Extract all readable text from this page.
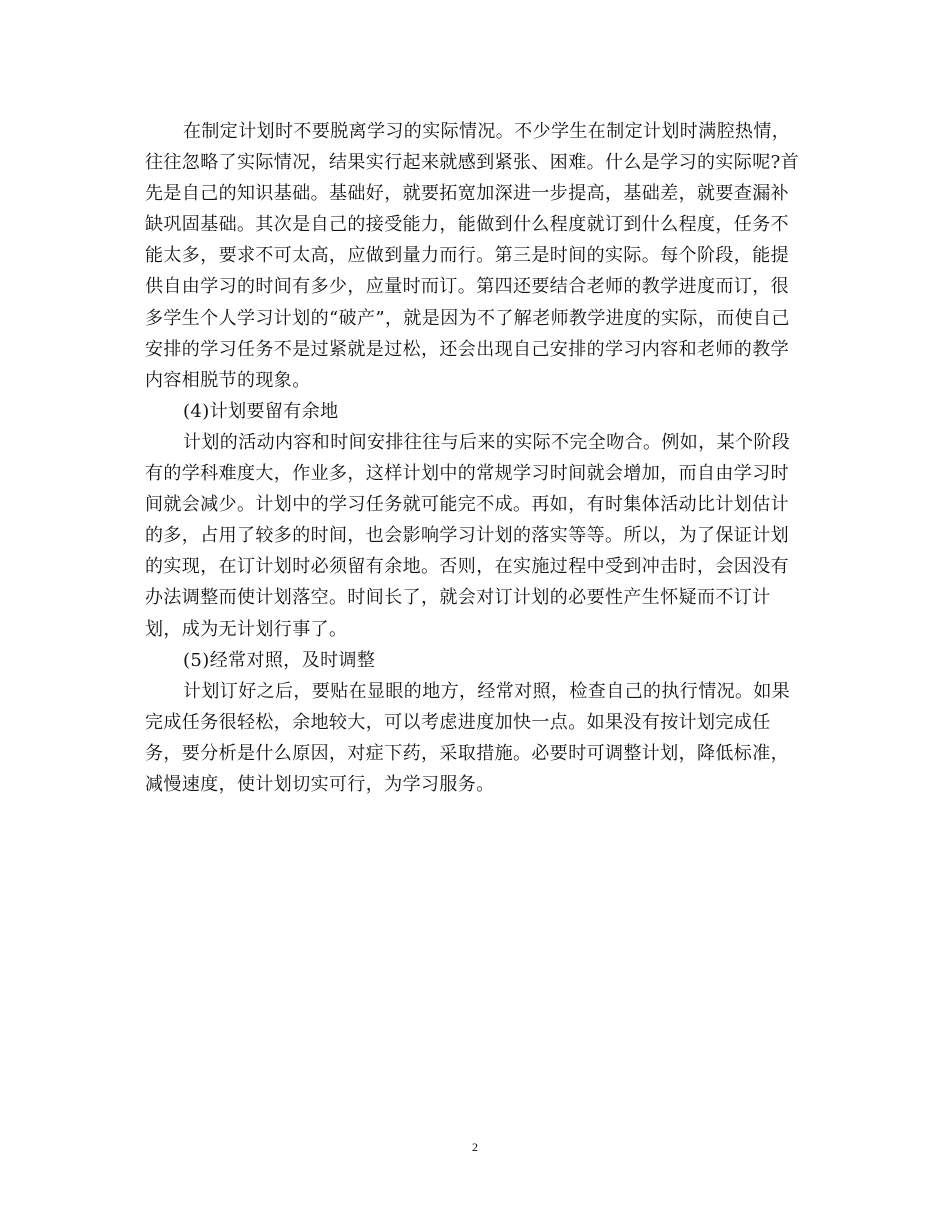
在制定计划时不要脱离学习的实际情况。不少学生在制定计划时满腔热情，
往往忽略了实际情况，结果实行起来就感到紧张、困难。什么是学习的实际呢?首
先是自己的知识基础。基础好，就要拓宽加深进一步提高，基础差，就要查漏补
缺巩固基础。其次是自己的接受能力，能做到什么程度就订到什么程度，任务不
能太多，要求不可太高，应做到量力而行。第三是时间的实际。每个阶段，能提
供自由学习的时间有多少，应量时而订。第四还要结合老师的教学进度而订，很
多学生个人学习计划的“破产”，就是因为不了解老师教学进度的实际，而使自己
安排的学习任务不是过紧就是过松，还会出现自己安排的学习内容和老师的教学
内容相脱节的现象。
(4)计划要留有余地
计划的活动内容和时间安排往往与后来的实际不完全吻合。例如，某个阶段
有的学科难度大，作业多，这样计划中的常规学习时间就会增加，而自由学习时
间就会减少。计划中的学习任务就可能完不成。再如，有时集体活动比计划估计
的多，占用了较多的时间，也会影响学习计划的落实等等。所以，为了保证计划
的实现，在订计划时必须留有余地。否则，在实施过程中受到冲击时，会因没有
办法调整而使计划落空。时间长了，就会对订计划的必要性产生怀疑而不订计
划，成为无计划行事了。
(5)经常对照，及时调整
计划订好之后，要贴在显眼的地方，经常对照，检查自己的执行情况。如果
完成任务很轻松，余地较大，可以考虑进度加快一点。如果没有按计划完成任
务，要分析是什么原因，对症下药，采取措施。必要时可调整计划，降低标准，
减慢速度，使计划切实可行，为学习服务。
2
